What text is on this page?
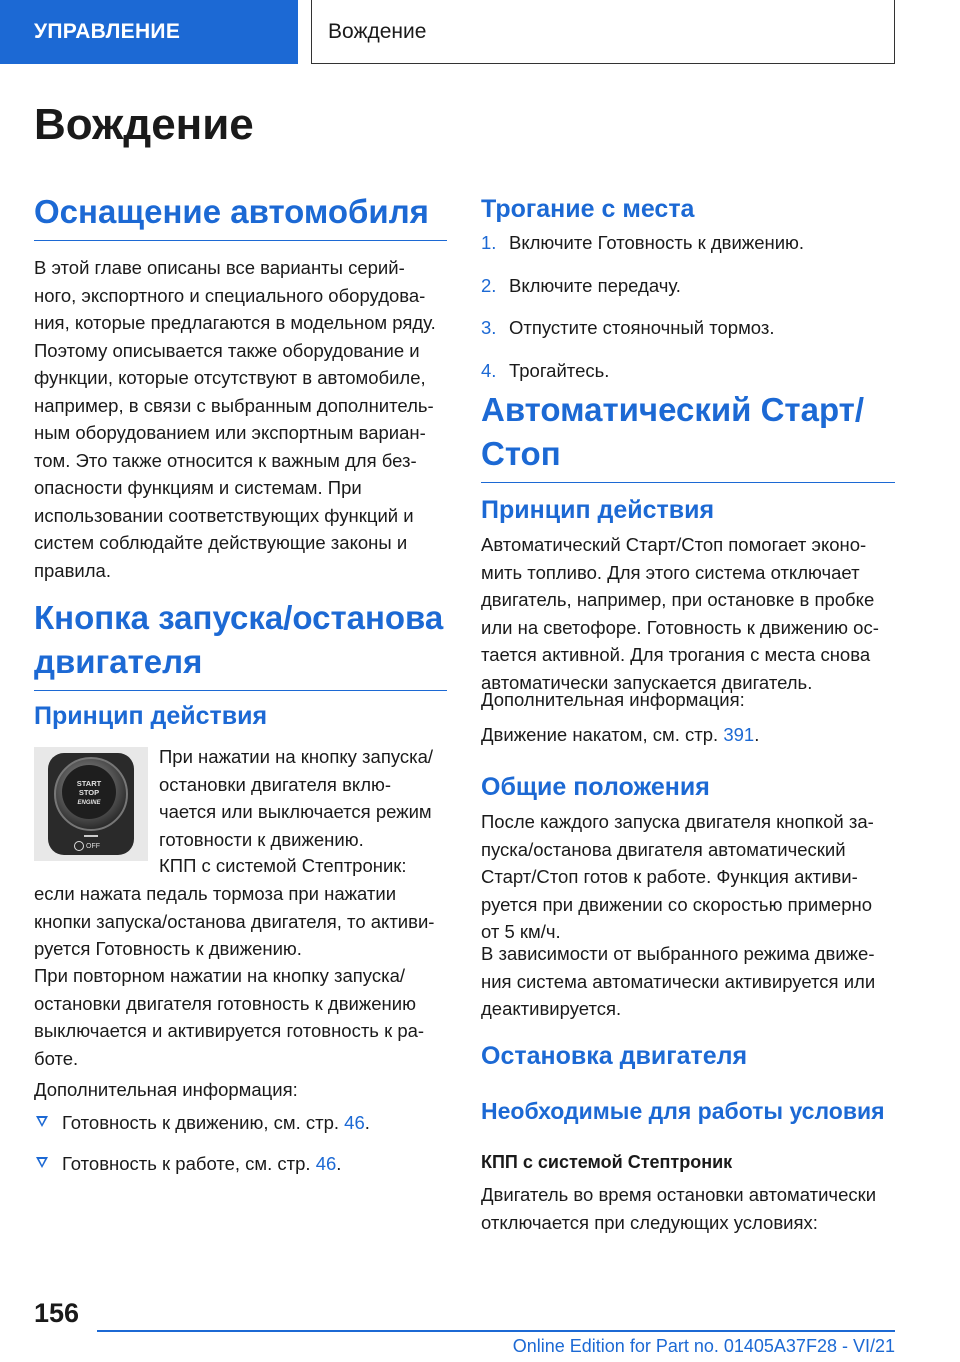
УПРАВЛЕНИЕ	Вождение
Вождение
Оснащение автомобиля

В этой главе описаны все варианты серий- ного, экспортного и специального оборудова- ния, которые предлагаются в модельном ряду. Поэтому описывается также оборудование и функции, которые отсутствуют в автомобиле, например, в связи с выбранным дополнитель- ным оборудованием или экспортным вариан- том. Это также относится к важным для без- опасности функциям и системам. При использовании соответствующих функций и систем соблюдайте действующие законы и правила.

Кнопка запуска/останова
двигателя
Принцип действия

При нажатии на кнопку запуска/ остановки двигателя вклю- чается или выключается режим готовности к движению.

КПП с системой Стептроник:

если нажата педаль тормоза при нажатии кнопки запуска/останова двигателя, то активи- руется Готовность к движению.

При повторном нажатии на кнопку запуска/ остановки двигателя готовность к движению выключается и активируется готовность к ра- боте.

Дополнительная информация:

Готовность к движению, см. стр. 46.
Готовность к работе, см. стр. 46.
START
STOP
ENGINE
OFF
Трогание с места
1. Включите Готовность к движению.
2. Включите передачу.
3. Отпустите стояночный тормоз.
4. Трогайтесь.
Автоматический Старт/
Стоп
Принцип действия

Автоматический Старт/Стоп помогает эконо- мить топливо. Для этого система отключает двигатель, например, при остановке в пробке или на светофоре. Готовность к движению ос- тается активной. Для трогания с места снова автоматически запускается двигатель.

Дополнительная информация:

Движение накатом, см. стр. 391.

Общие положения

После каждого запуска двигателя кнопкой за- пуска/останова двигателя автоматический Старт/Стоп готов к работе. Функция активи- руется при движении со скоростью примерно от 5 км/ч.

В зависимости от выбранного режима движе- ния система автоматически активируется или деактивируется.

Остановка двигателя
Необходимые для работы условия
КПП с системой Стептроник

Двигатель во время остановки автоматически отключается при следующих условиях:

156
Online Edition for Part no. 01405A37F28 - VI/21
